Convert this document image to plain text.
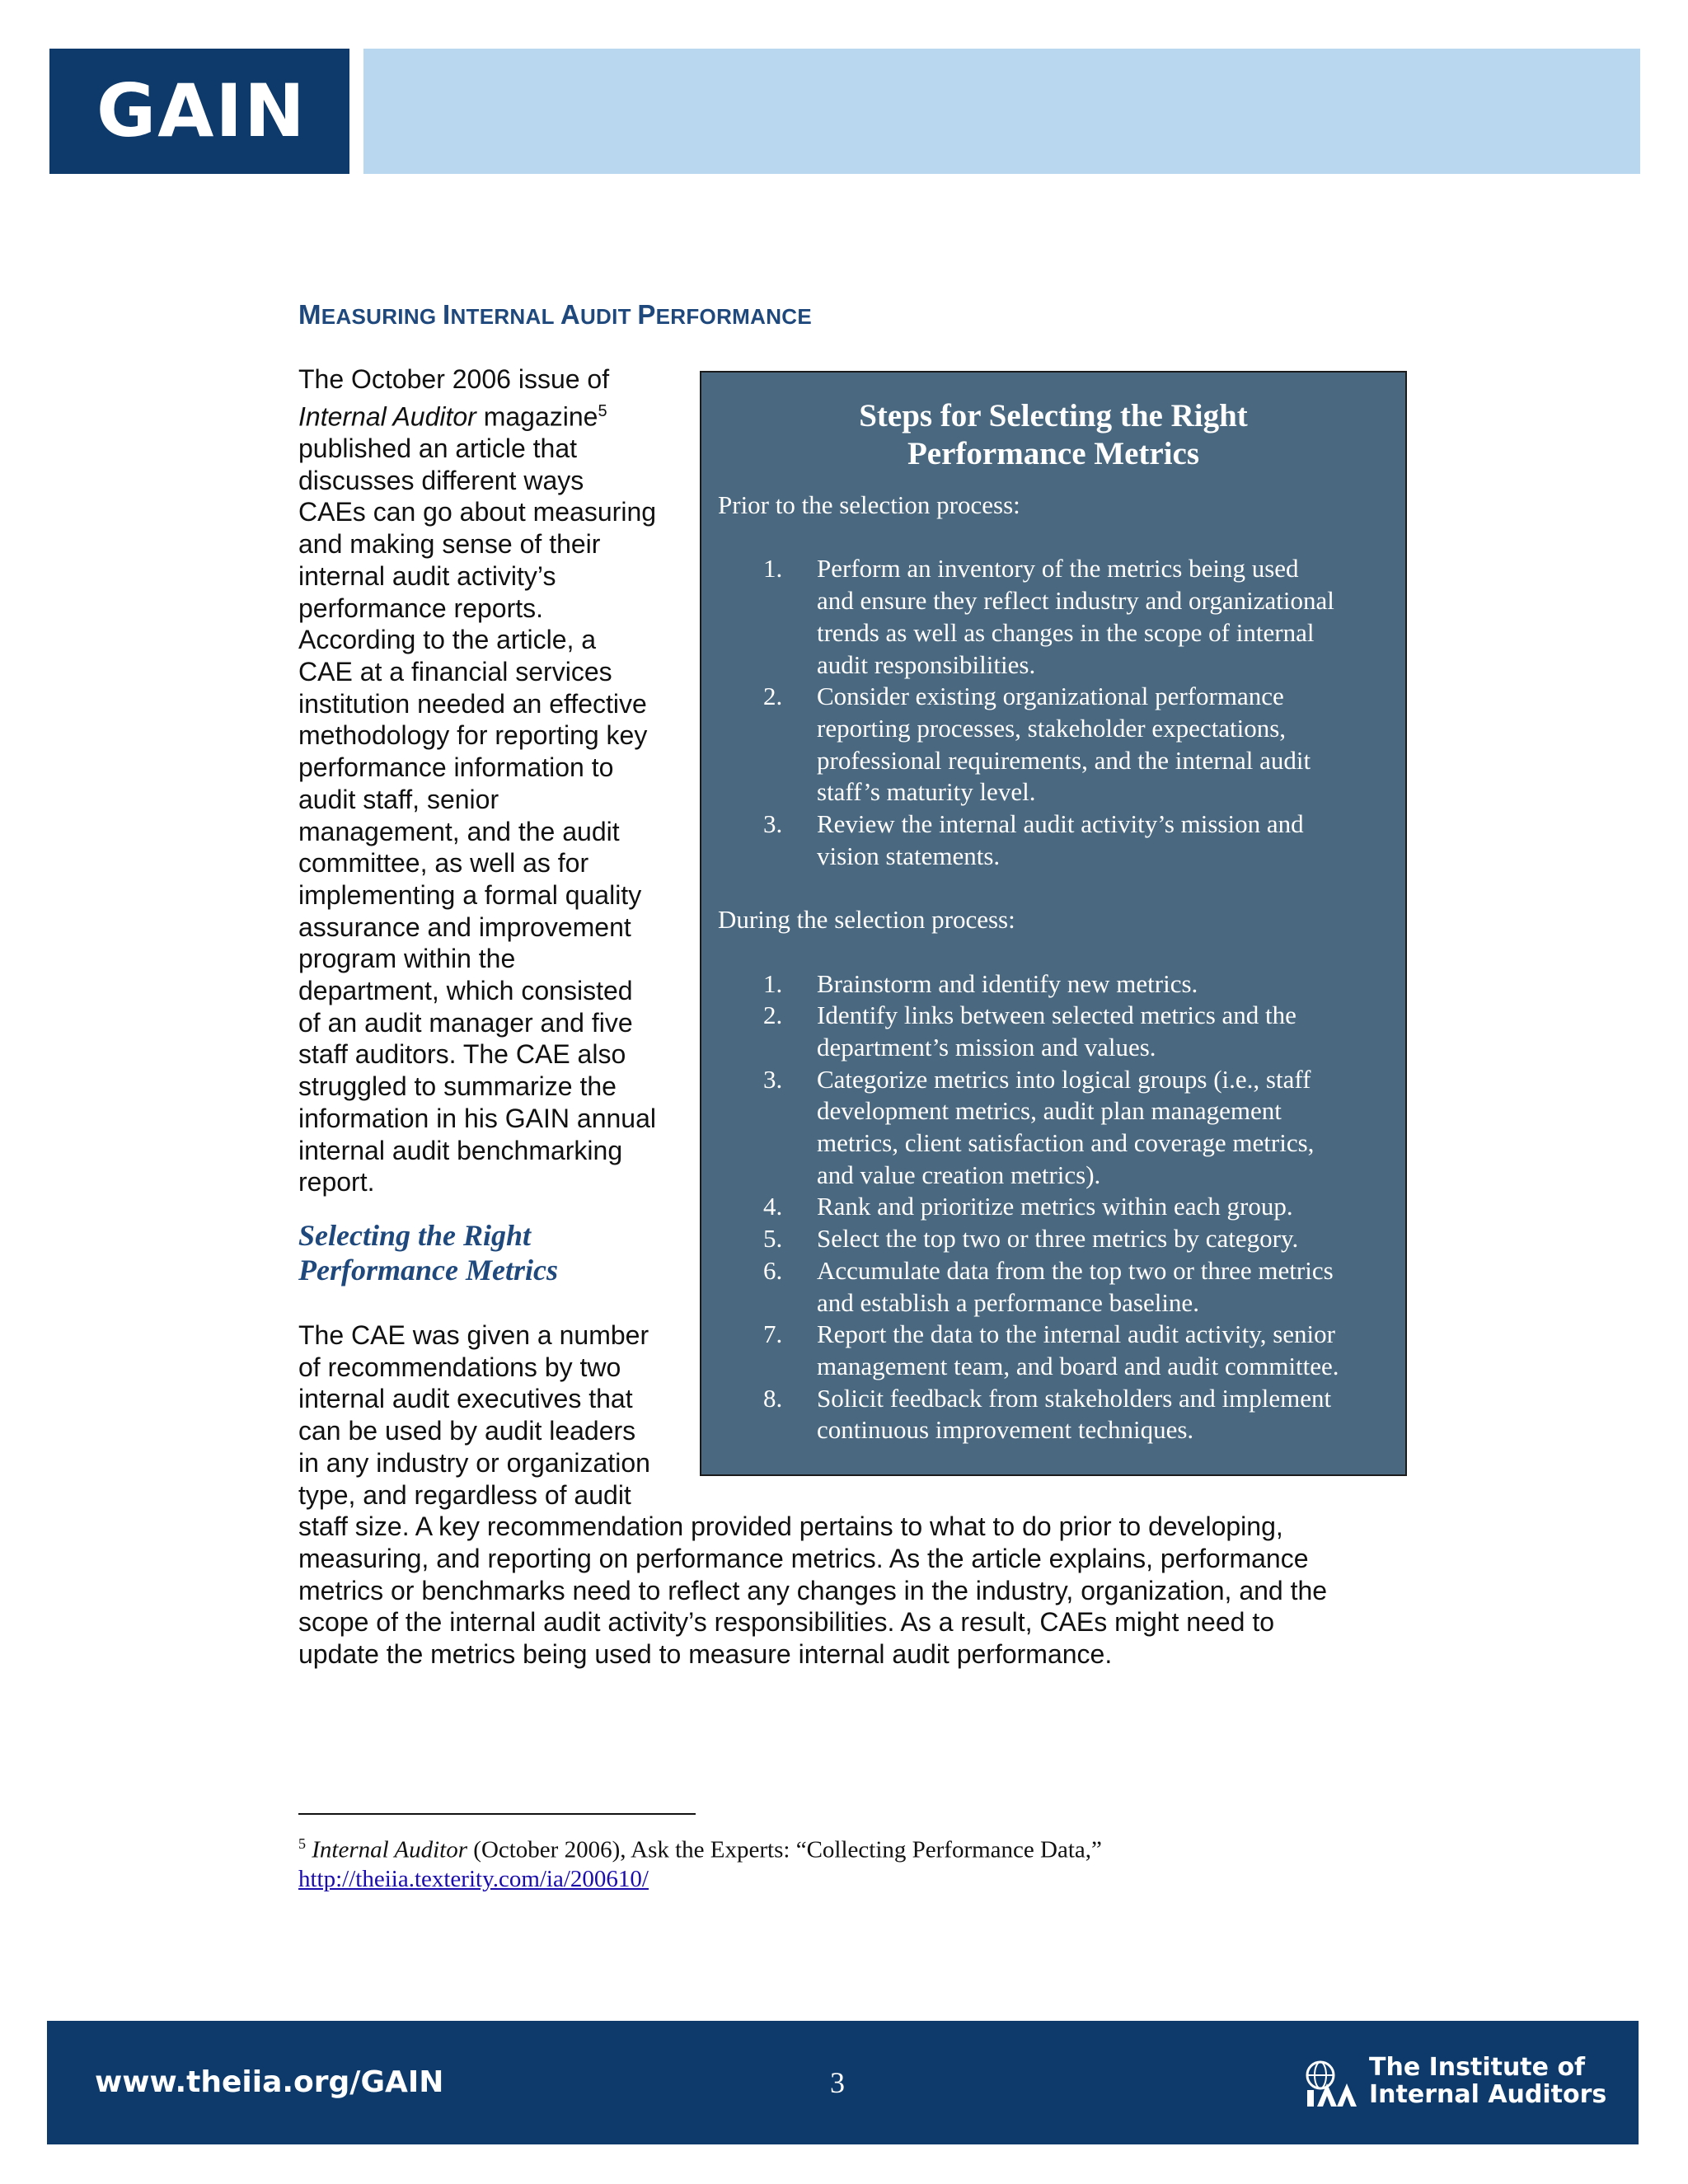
GAIN
MEASURING INTERNAL AUDIT PERFORMANCE
The October 2006 issue of
Internal Auditor magazine$^5$
published an article that
discusses different ways
CAEs can go about measuring
and making sense of their
internal audit activity’s
performance reports.
According to the article, a
CAE at a financial services
institution needed an effective
methodology for reporting key
performance information to
audit staff, senior
management, and the audit
committee, as well as for
implementing a formal quality
assurance and improvement
program within the
department, which consisted
of an audit manager and five
staff auditors. The CAE also
struggled to summarize the
information in his GAIN annual
internal audit benchmarking
report.
Selecting the Right
Performance Metrics
The CAE was given a number
of recommendations by two
internal audit executives that
can be used by audit leaders
in any industry or organization
type, and regardless of audit
staff size. A key recommendation provided pertains to what to do prior to developing,
measuring, and reporting on performance metrics. As the article explains, performance
metrics or benchmarks need to reflect any changes in the industry, organization, and the
scope of the internal audit activity’s responsibilities. As a result, CAEs might need to
update the metrics being used to measure internal audit performance.
Steps for Selecting the Right
Performance Metrics

Prior to the selection process:

1. Perform an inventory of the metrics being used
and ensure they reflect industry and organizational
trends as well as changes in the scope of internal
audit responsibilities.
2. Consider existing organizational performance
reporting processes, stakeholder expectations,
professional requirements, and the internal audit
staff’s maturity level.
3. Review the internal audit activity’s mission and
vision statements.

During the selection process:

1. Brainstorm and identify new metrics.
2. Identify links between selected metrics and the
department’s mission and values.
3. Categorize metrics into logical groups (i.e., staff
development metrics, audit plan management
metrics, client satisfaction and coverage metrics,
and value creation metrics).
4. Rank and prioritize metrics within each group.
5. Select the top two or three metrics by category.
6. Accumulate data from the top two or three metrics
and establish a performance baseline.
7. Report the data to the internal audit activity, senior
management team, and board and audit committee.
8. Solicit feedback from stakeholders and implement
continuous improvement techniques.
$^5$ Internal Auditor (October 2006), Ask the Experts: “Collecting Performance Data,”
http://theiia.texterity.com/ia/200610/
www.theiia.org/GAIN	3	The Institute of
Internal Auditors
